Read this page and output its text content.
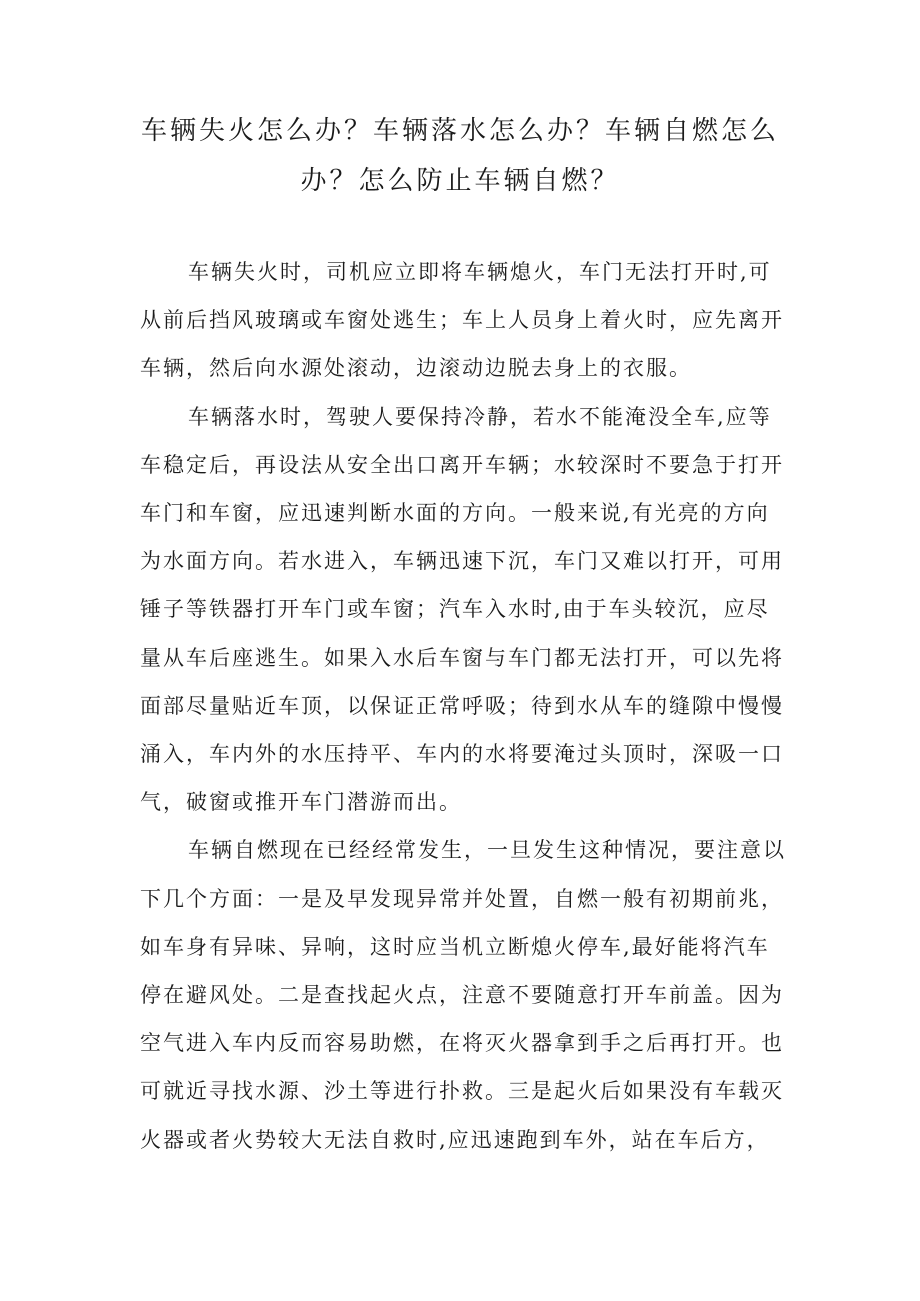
车辆失火怎么办？车辆落水怎么办？车辆自燃怎么
办？怎么防止车辆自燃？

车辆失火时，司机应立即将车辆熄火，车门无法打开时,可
从前后挡风玻璃或车窗处逃生；车上人员身上着火时，应先离开
车辆，然后向水源处滚动，边滚动边脱去身上的衣服。

车辆落水时，驾驶人要保持冷静，若水不能淹没全车,应等
车稳定后，再设法从安全出口离开车辆；水较深时不要急于打开
车门和车窗，应迅速判断水面的方向。一般来说,有光亮的方向
为水面方向。若水进入，车辆迅速下沉，车门又难以打开，可用
锤子等铁器打开车门或车窗；汽车入水时,由于车头较沉，应尽
量从车后座逃生。如果入水后车窗与车门都无法打开，可以先将
面部尽量贴近车顶，以保证正常呼吸；待到水从车的缝隙中慢慢
涌入，车内外的水压持平、车内的水将要淹过头顶时，深吸一口
气，破窗或推开车门潜游而出。

车辆自燃现在已经经常发生，一旦发生这种情况，要注意以
下几个方面：一是及早发现异常并处置，自燃一般有初期前兆，
如车身有异味、异响，这时应当机立断熄火停车,最好能将汽车
停在避风处。二是查找起火点，注意不要随意打开车前盖。因为
空气进入车内反而容易助燃，在将灭火器拿到手之后再打开。也
可就近寻找水源、沙土等进行扑救。三是起火后如果没有车载灭
火器或者火势较大无法自救时,应迅速跑到车外，站在车后方，
